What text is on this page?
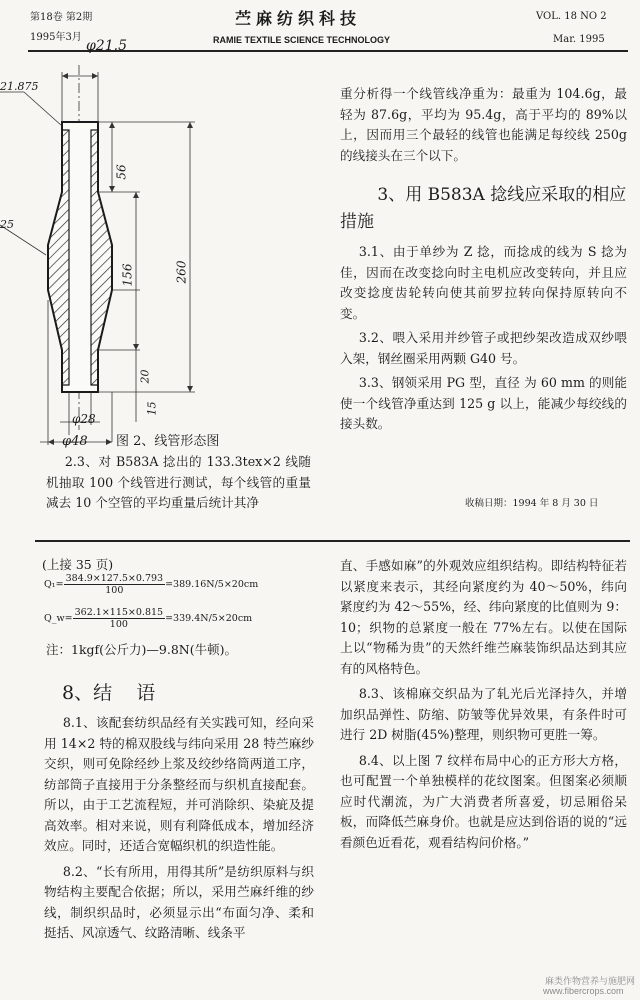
第18卷 第2期
1995年3月
苎麻纺织科技
RAMIE TEXTILE SCIENCE TECHNOLOGY
VOL. 18 NO 2
Mar. 1995
φ21.5
21.875
25
56
156	260
20
15
φ28
φ48 图 2、线管形态图

2.3、对 B583A 捻出的 133.3tex×2 线随机抽取 100 个线管进行测试，每个线管的重量减去 10 个空管的平均重量后统计其净

重分析得一个线管线净重为：最重为 104.6g，最轻为 87.6g，平均为 95.4g，高于平均的 89%以上，因而用三个最轻的线管也能满足每绞线 250g 的线接头在三个以下。

3、用 B583A 捻线应采取的相应措施

3.1、由于单纱为 Z 捻，而捻成的线为 S 捻为佳，因而在改变捻向时主电机应改变转向，并且应改变捻度齿轮转向使其前罗拉转向保持原转向不变。

3.2、喂入采用并纱管子或把纱架改造成双纱喂入架，钢丝圈采用两颗 G40 号。

3.3、钢领采用 PG 型，直径 为 60 mm 的则能使一个线管净重达到 125 g 以上，能减少每绞线的接头数。

收稿日期：1994 年 8 月 30 日
(上接 35 页)
$Q_1= \frac{384.9\times 127.5\times 0.793}{100} =389.16N/5\times 20cm$
Q_w= $\frac{362.1\times 115\times 0.815}{100} =339.4N/5\times 20cm$
注：1kgf(公斤力)—9.8N(牛顿)。
8、结    语

8.1、该配套纺织品经有关实践可知，经向采用 14×2 特的棉双股线与纬向采用 28 特苎麻纱交织，则可免除经纱上浆及绞纱络筒两道工序，纺部筒子直接用于分条整经而与织机直接配套。所以，由于工艺流程短，并可消除织、染疵及提高效率。相对来说，则有利降低成本，增加经济效应。同时，还适合宽幅织机的织造性能。

8.2、“长有所用，用得其所”是纺织原料与织物结构主要配合依据；所以，采用苎麻纤维的纱线，制织织品时，必须显示出“布面匀净、柔和挺括、风凉透气、纹路清晰、线条平

直、手感如麻”的外观效应组织结构。即结构特征若以紧度来表示，其经向紧度约为 40～50%，纬向紧度约为 42～55%，经、纬向紧度的比值则为 9：10；织物的总紧度一般在 77%左右。以使在国际上以“物稀为贵”的天然纤维苎麻装饰织品达到其应有的风格特色。

8.3、该棉麻交织品为了轧光后光泽持久，并增加织品弹性、防缩、防皱等优异效果，有条件时可进行 2D 树脂(45%)整理，则织物可更胜一筹。

8.4、以上图 7 纹样布局中心的正方形大方格，也可配置一个单独模样的花纹图案。但图案必须顺应时代潮流，为广大消费者所喜爱，切忌厢俗呆板，而降低苎麻身价。也就是应达到俗语的说的“远看颜色近看花，观看结构问价格。”

麻类作物营养与施肥网
www.fibercrops.com
